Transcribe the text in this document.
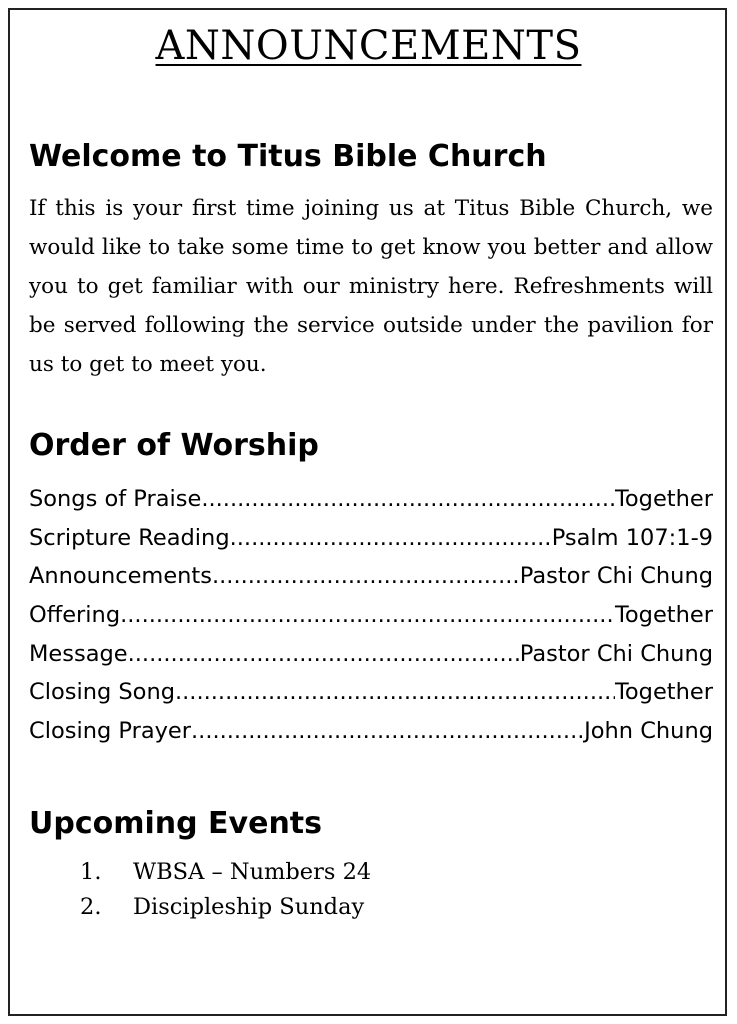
ANNOUNCEMENTS
Welcome to Titus Bible Church

If this is your first time joining us at Titus Bible Church, we would like to take some time to get know you better and allow you to get familiar with our ministry here. Refreshments will be served following the service outside under the pavilion for us to get to meet you.

Order of Worship
Songs of Praise .....	Together
Scripture Reading .....	Psalm 107:1-9
Announcements .....	Pastor Chi Chung
Offering .....	Together
Message .....	Pastor Chi Chung
Closing Song .....	Together
Closing Prayer .....	John Chung
Upcoming Events
1.	WBSA – Numbers 24
2.	Discipleship Sunday
